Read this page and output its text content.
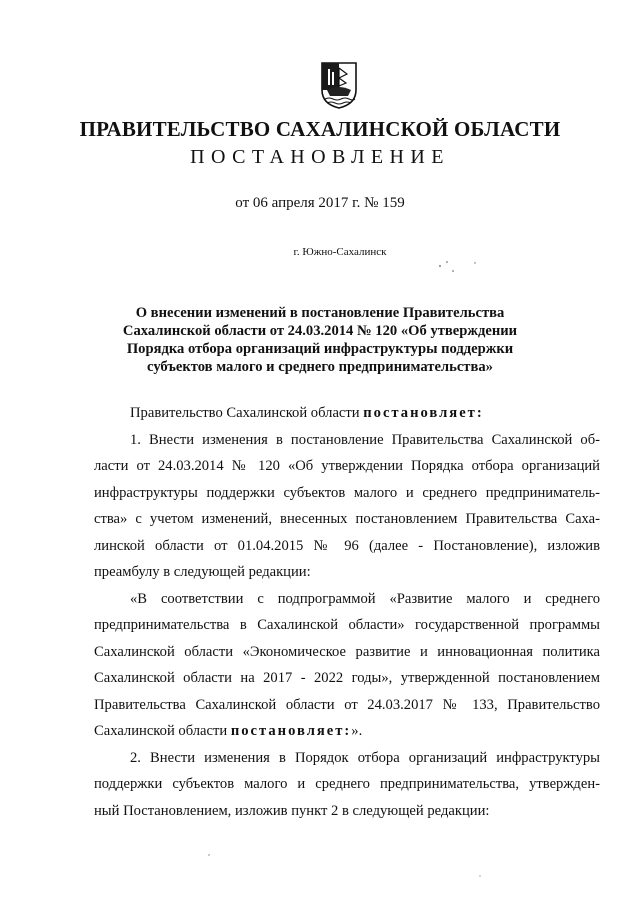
ПРАВИТЕЛЬСТВО САХАЛИНСКОЙ ОБЛАСТИ
ПОСТАНОВЛЕНИЕ
от 06 апреля 2017 г. № 159
г. Южно-Сахалинск
О внесении изменений в постановление Правительства
Сахалинской области от 24.03.2014 № 120 «Об утверждении
Порядка отбора организаций инфраструктуры поддержки
субъектов малого и среднего предпринимательства»
Правительство Сахалинской области постановляет:
1. Внести изменения в постановление Правительства Сахалинской об-
ласти от 24.03.2014 № 120 «Об утверждении Порядка отбора организаций
инфраструктуры поддержки субъектов малого и среднего предприниматель-
ства» с учетом изменений, внесенных постановлением Правительства Саха-
линской области от 01.04.2015 № 96 (далее - Постановление), изложив
преамбулу в следующей редакции:
«В соответствии с подпрограммой «Развитие малого и среднего
предпринимательства в Сахалинской области» государственной программы
Сахалинской области «Экономическое развитие и инновационная политика
Сахалинской области на 2017 - 2022 годы», утвержденной постановлением
Правительства Сахалинской области от 24.03.2017 № 133, Правительство
Сахалинской области постановляет:».
2. Внести изменения в Порядок отбора организаций инфраструктуры
поддержки субъектов малого и среднего предпринимательства, утвержден-
ный Постановлением, изложив пункт 2 в следующей редакции:
